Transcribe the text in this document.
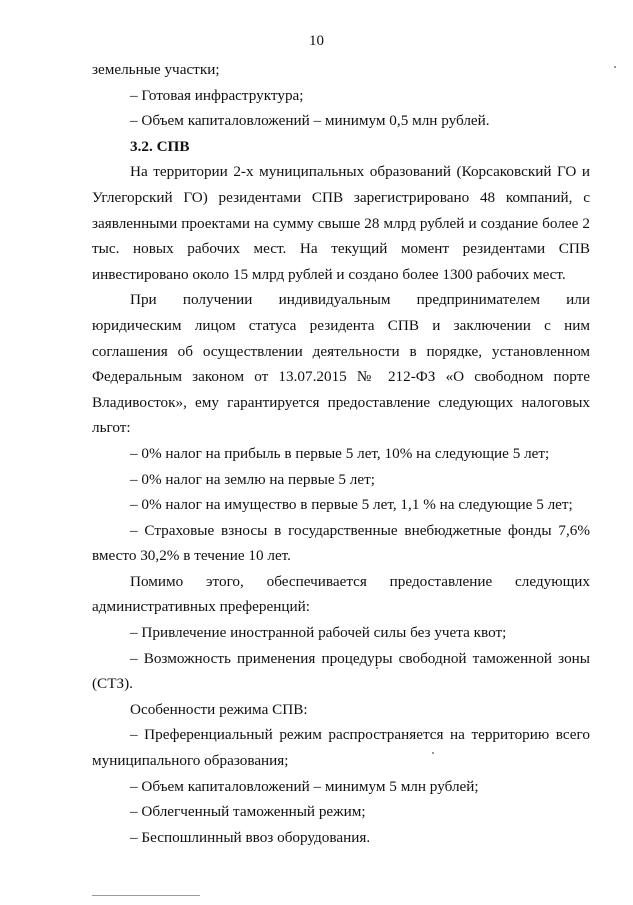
10

земельные участки;

– Готовая инфраструктура;

– Объем капиталовложений – минимум 0,5 млн рублей.

3.2. СПВ

На территории 2-х муниципальных образований (Корсаковский ГО и Углегорский ГО) резидентами СПВ зарегистрировано 48 компаний, с заявленными проектами на сумму свыше 28 млрд рублей и создание более 2 тыс. новых рабочих мест. На текущий момент резидентами СПВ инвестировано около 15 млрд рублей и создано более 1300 рабочих мест.

При получении индивидуальным предпринимателем или юридическим лицом статуса резидента СПВ и заключении с ним соглашения об осуществлении деятельности в порядке, установленном Федеральным законом от 13.07.2015 № 212-ФЗ «О свободном порте Владивосток», ему гарантируется предоставление следующих налоговых льгот:

– 0% налог на прибыль в первые 5 лет, 10% на следующие 5 лет;

– 0% налог на землю на первые 5 лет;

– 0% налог на имущество в первые 5 лет, 1,1 % на следующие 5 лет;

– Страховые взносы в государственные внебюджетные фонды 7,6% вместо 30,2% в течение 10 лет.

Помимо этого, обеспечивается предоставление следующих административных преференций:

– Привлечение иностранной рабочей силы без учета квот;

– Возможность применения процедуры свободной таможенной зоны (СТЗ).

Особенности режима СПВ:

– Преференциальный режим распространяется на территорию всего муниципального образования;

– Объем капиталовложений – минимум 5 млн рублей;

– Облегченный таможенный режим;

– Беспошлинный ввоз оборудования.
